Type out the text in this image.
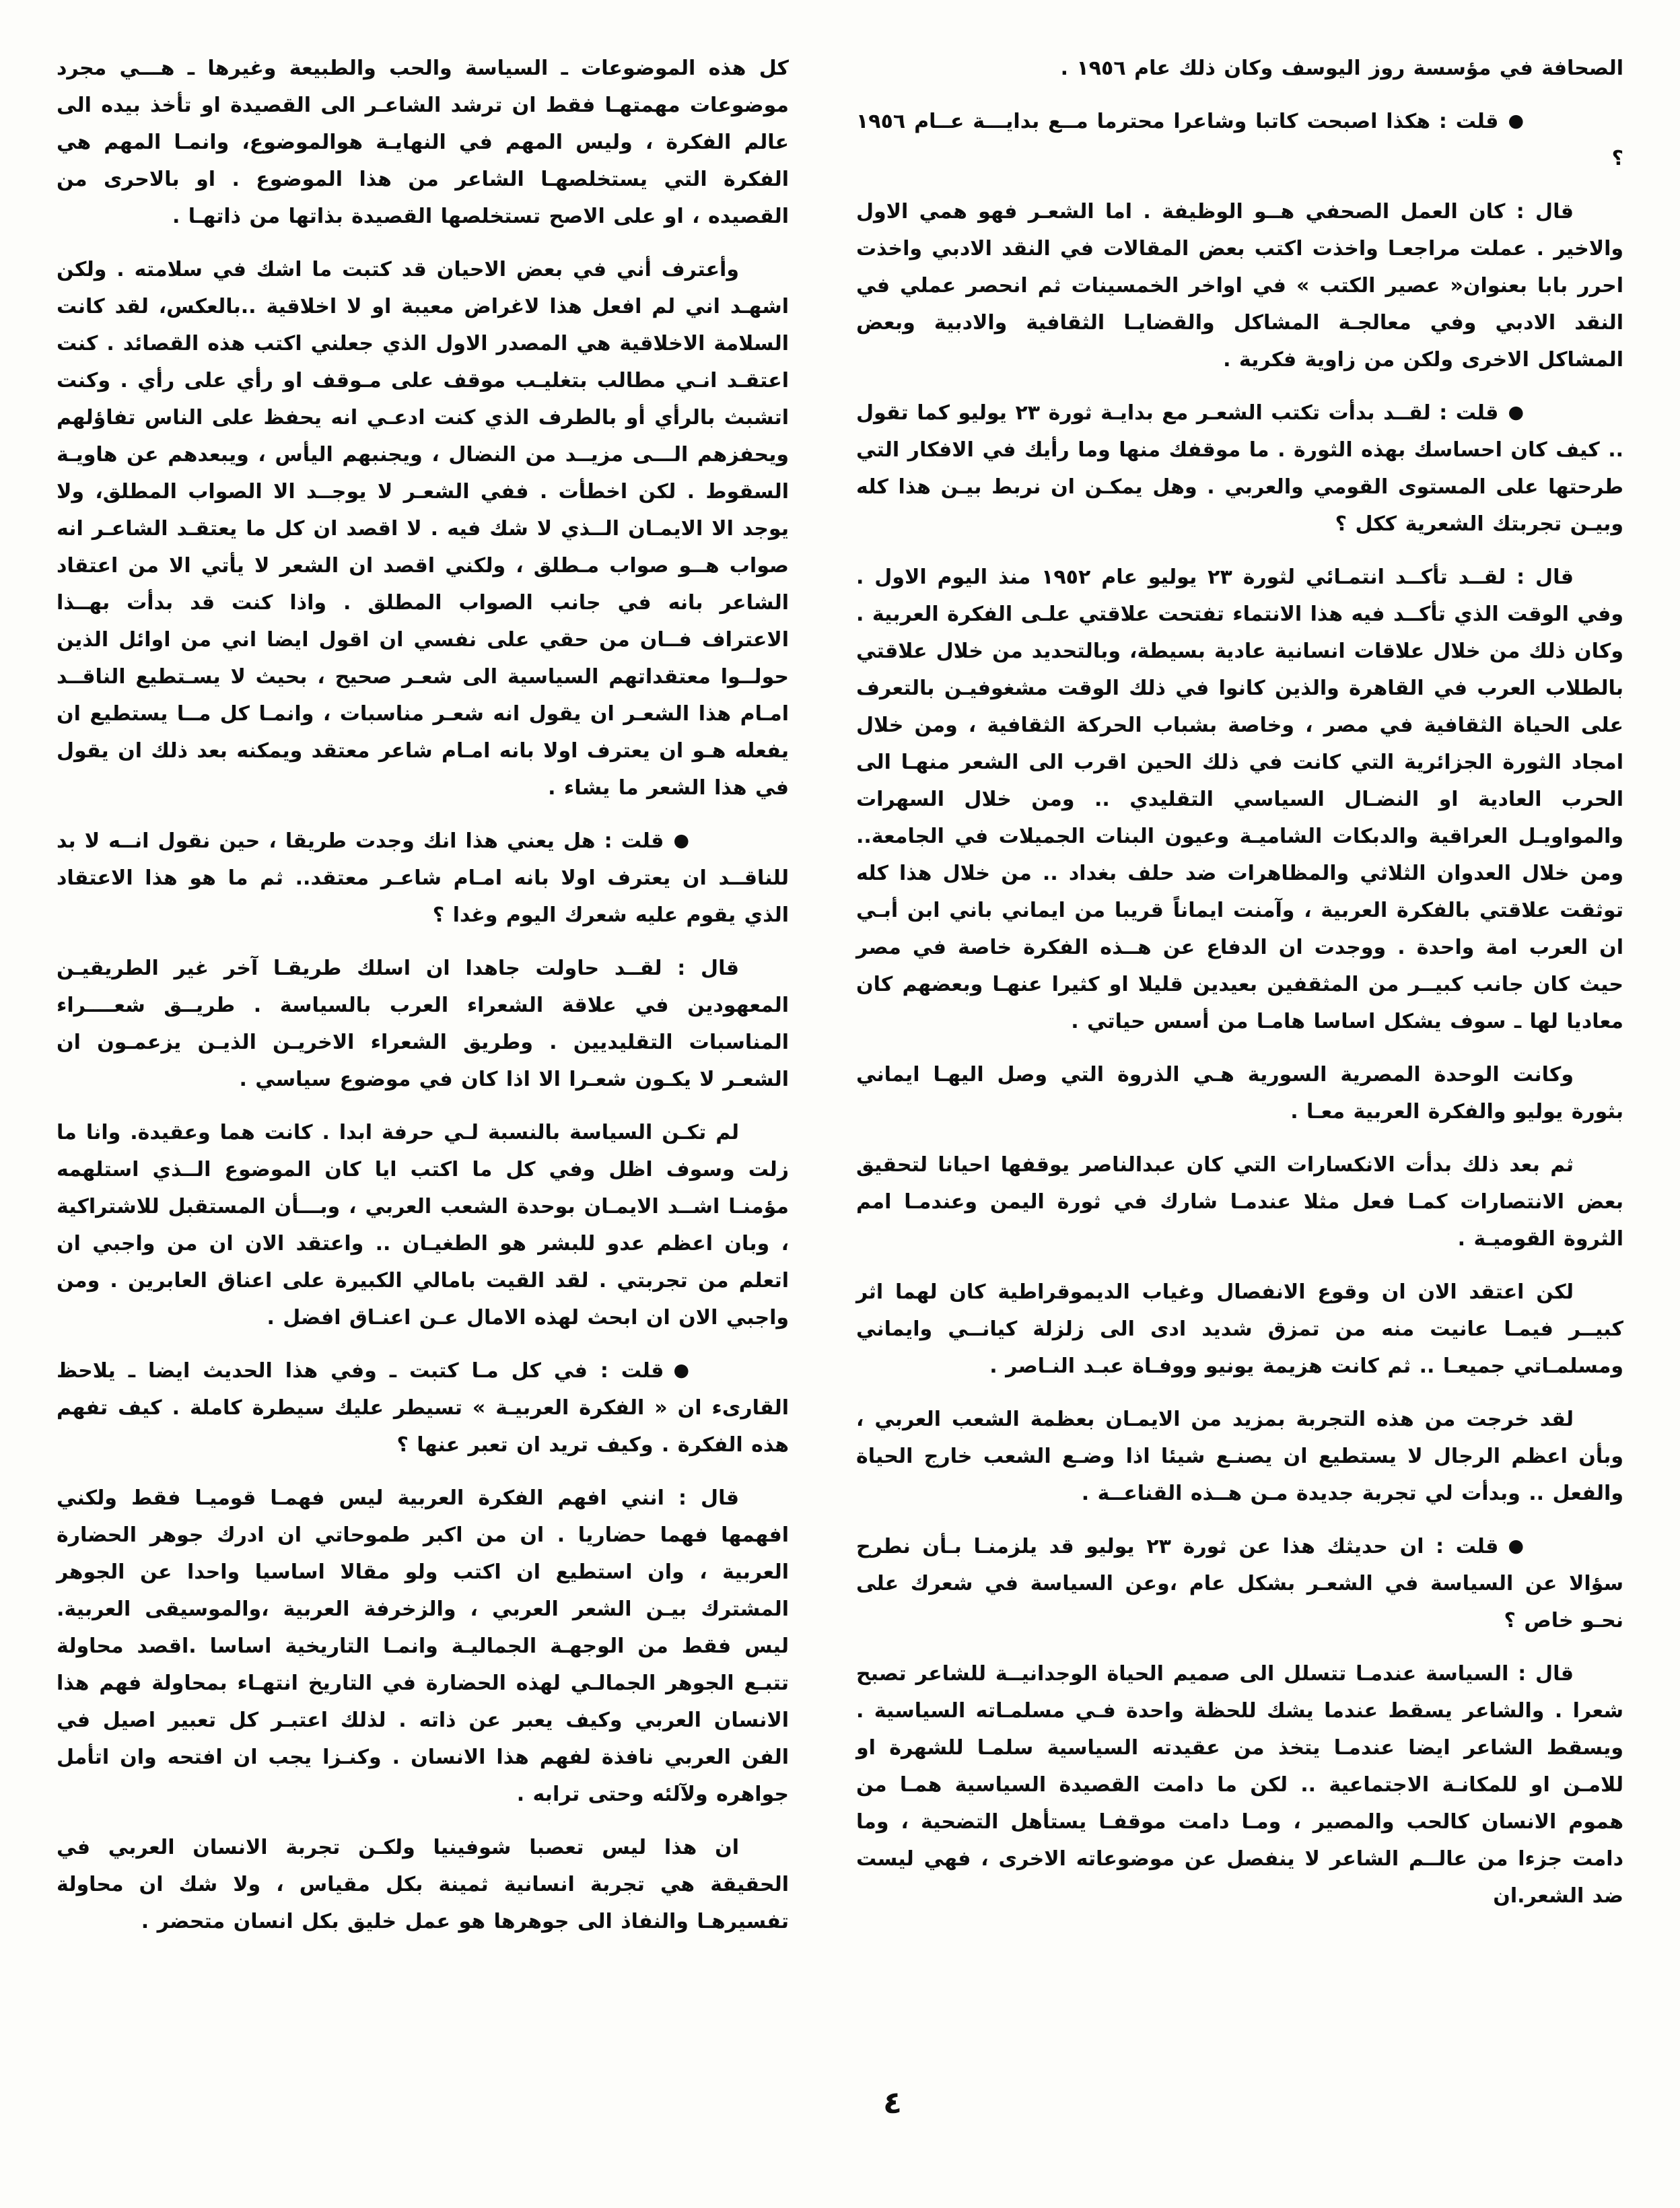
الصحافة في مؤسسة روز اليوسف وكان ذلك عام ١٩٥٦ .

●قلت : هكذا اصبحت كاتبا وشاعرا محترما مــع بدايـــة عــام ١٩٥٦ ؟

قال : كان العمل الصحفي هــو الوظيفة . اما الشعـر فهو همي الاول والاخير . عملت مراجعـا واخذت اكتب بعض المقالات في النقد الادبي واخذت احرر بابا بعنوان« عصير الكتب » في اواخر الخمسينات ثم انحصر عملي في النقد الادبي وفي معالجـة المشاكل والقضايـا الثقافية والادبية وبعض المشاكل الاخرى ولكن من زاوية فكرية .

●قلت : لقــد بدأت تكتب الشعـر مع بدايـة ثورة ٢٣ يوليو كما تقول .. كيف كان احساسك بهذه الثورة . ما موقفك منها وما رأيك في الافكار التي طرحتها على المستوى القومي والعربي . وهل يمكـن ان نربط بيـن هذا كله وبيـن تجربتك الشعرية ككل ؟

قال : لقــد تأكــد انتمـائي لثورة ٢٣ يوليو عام ١٩٥٢ منذ اليوم الاول . وفي الوقت الذي تأكــد فيه هذا الانتماء تفتحت علاقتي علـى الفكرة العربية . وكان ذلك من خلال علاقات انسانية عادية بسيطة، وبالتحديد من خلال علاقتي بالطلاب العرب في القاهرة والذين كانوا في ذلك الوقت مشغوفيـن بالتعرف على الحياة الثقافية في مصر ، وخاصة بشباب الحركة الثقافية ، ومن خلال امجاد الثورة الجزائرية التي كانت في ذلك الحين اقرب الى الشعر منهـا الى الحرب العادية او النضـال السياسي التقليدي .. ومن خلال السهرات والمواويـل العراقية والدبكات الشاميـة وعيون البنات الجميلات في الجامعة.. ومن خلال العدوان الثلاثي والمظاهرات ضد حلف بغداد .. من خلال هذا كله توثقت علاقتي بالفكرة العربية ، وآمنت ايماناً قريبا من ايماني باني ابن أبـي ان العرب امة واحدة . ووجدت ان الدفاع عن هــذه الفكرة خاصة في مصر حيث كان جانب كبيــر من المثقفين بعيدين قليلا او كثيرا عنهـا وبعضهم كان معاديا لها ـ سوف يشكل اساسا هامـا من أسس حياتي .

وكانت الوحدة المصرية السورية هـي الذروة التي وصل اليهـا ايماني بثورة يوليو والفكرة العربية معـا .

ثم بعد ذلك بدأت الانكسارات التي كان عبدالناصر يوقفها احيانا لتحقيق بعض الانتصارات كمـا فعل مثلا عندمـا شارك في ثورة اليمن وعندمـا امم الثروة القوميـة .

لكن اعتقد الان ان وقوع الانفصال وغياب الديموقراطية كان لهما اثر كبيــر فيمـا عانيت منه من تمزق شديد ادى الى زلزلة كيانــي وايماني ومسلمـاتي جميعـا .. ثم كانت هزيمة يونيو ووفـاة عبـد النـاصر .

لقد خرجت من هذه التجربة بمزيد من الايمـان بعظمة الشعب العربي ، وبأن اعظم الرجال لا يستطيع ان يصنـع شيئا اذا وضـع الشعب خارج الحياة والفعل .. وبدأت لي تجربة جديدة مـن هــذه القناعــة .

●قلت : ان حديثك هذا عن ثورة ٢٣ يوليو قد يلزمنـا بـأن نطرح سؤالا عن السياسة في الشعـر بشكل عام ،وعن السياسة في شعرك على نحـو خاص ؟

قال : السياسة عندمـا تتسلل الى صميم الحياة الوجدانيــة للشاعر تصبح شعرا . والشاعر يسقط عندما يشك للحظة واحدة فـي مسلمـاته السياسية . ويسقط الشاعر ايضا عندمـا يتخذ من عقيدته السياسية سلمـا للشهرة او للامـن او للمكانـة الاجتماعية .. لكن ما دامت القصيدة السياسية همـا من هموم الانسان كالحب والمصير ، ومـا دامت موقفـا يستأهل التضحية ، وما دامت جزءا من عالــم الشاعر لا ينفصل عن موضوعاته الاخرى ، فهي ليست ضد الشعر.ان

كل هذه الموضوعات ـ السياسة والحب والطبيعة وغيرها ـ هـــي مجرد موضوعات مهمتهـا فقط ان ترشد الشاعـر الى القصيدة او تأخذ بيده الى عالم الفكرة ، وليس المهم في النهايـة هوالموضوع، وانمـا المهم هي الفكرة التي يستخلصهـا الشاعر من هذا الموضوع . او بالاحرى من القصيده ، او على الاصح تستخلصها القصيدة بذاتها من ذاتهـا .

وأعترف أني في بعض الاحيان قد كتبت ما اشك في سلامته . ولكن اشهـد اني لم افعل هذا لاغراض معيبة او لا اخلاقية ..بالعكس، لقد كانت السلامة الاخلاقية هي المصدر الاول الذي جعلني اكتب هذه القصائد . كنت اعتقـد انـي مطالب بتغليـب موقف على مـوقف او رأي على رأي . وكنت اتشبث بالرأي أو بالطرف الذي كنت ادعـي انه يحفظ على الناس تفاؤلهم ويحفزهم الـــى مزيــد من النضال ، ويجنبهم اليأس ، ويبعدهم عن هاويـة السقوط . لكن اخطأت . ففي الشعـر لا يوجــد الا الصواب المطلق، ولا يوجد الا الايمـان الــذي لا شك فيه . لا اقصد ان كل ما يعتقـد الشاعـر انه صواب هــو صواب مـطلق ، ولكني اقصد ان الشعر لا يأتي الا من اعتقاد الشاعر بانه في جانب الصواب المطلق . واذا كنت قد بدأت بهــذا الاعتراف فــان من حقي على نفسي ان اقول ايضا اني من اوائل الذين حولــوا معتقداتهم السياسية الى شعـر صحيح ، بحيث لا يسـتطيع الناقــد امـام هذا الشعـر ان يقول انه شعـر مناسبات ، وانمـا كل مــا يستطيع ان يفعله هـو ان يعترف اولا بانه امـام شاعر معتقد ويمكنه بعد ذلك ان يقول في هذا الشعر ما يشاء .

●قلت : هل يعني هذا انك وجدت طريقا ، حين نقول انــه لا بد للناقــد ان يعترف اولا بانه امـام شاعـر معتقد.. ثم ما هو هذا الاعتقاد الذي يقوم عليه شعرك اليوم وغدا ؟

قال : لقــد حاولت جاهدا ان اسلك طريقـا آخر غير الطريقيـن المعهودين في علاقة الشعراء العرب بالسياسة . طريــق شعــــراء المناسبات التقليديين . وطريق الشعراء الاخريـن الذيـن يزعمـون ان الشعـر لا يكـون شعـرا الا اذا كان في موضوع سياسي .

لم تكـن السياسة بالنسبة لـي حرفة ابدا . كانت هما وعقيدة. وانا ما زلت وسوف اظل وفي كل ما اكتب ايا كان الموضوع الــذي استلهمه مؤمنـا اشــد الايمـان بوحدة الشعب العربي ، وبـــأن المستقبل للاشتراكية ، وبان اعظم عدو للبشر هو الطغيـان .. واعتقد الان ان من واجبي ان اتعلم من تجربتي . لقد القيت بامالي الكبيرة على اعناق العابرين . ومن واجبي الان ان ابحث لهذه الامال عـن اعنـاق افضل .

●قلت : في كل مـا كتبت ـ وفي هذا الحديث ايضا ـ يلاحظ القارىء ان « الفكرة العربيـة » تسيطر عليك سيطرة كاملة . كيف تفهم هذه الفكرة . وكيف تريد ان تعبر عنها ؟

قال : انني افهم الفكرة العربية ليس فهمـا قوميـا فقط ولكني افهمها فهما حضاريا . ان من اكبر طموحاتي ان ادرك جوهر الحضارة العربية ، وان استطيع ان اكتب ولو مقالا اساسيا واحدا عن الجوهر المشترك بيـن الشعر العربي ، والزخرفة العربية ،والموسيقى العربية. ليس فقط من الوجهـة الجماليـة وانمـا التاريخية اساسا .اقصد محاولة تتبـع الجوهر الجمالـي لهذه الحضارة في التاريخ انتهـاء بمحاولة فهم هذا الانسان العربي وكيف يعبر عن ذاته . لذلك اعتبـر كل تعبير اصيل في الفن العربي نافذة لفهم هذا الانسان . وكنـزا يجب ان افتحه وان اتأمل جواهره ولآلئه وحتى ترابه .

ان هذا ليس تعصبا شوفينيا ولكـن تجربة الانسان العربي في الحقيقة هي تجربة انسانية ثمينة بكل مقياس ، ولا شك ان محاولة تفسيرهـا والنفاذ الى جوهرها هو عمل خليق بكل انسان متحضر .

٤
